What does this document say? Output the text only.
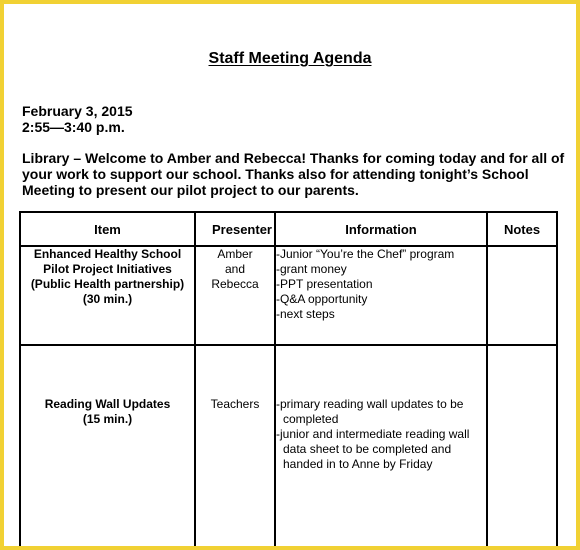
Staff Meeting Agenda
February 3, 2015
2:55—3:40 p.m.
Library – Welcome to Amber and Rebecca! Thanks for coming today and for all of
your work to support our school. Thanks also for attending tonight’s School
Meeting to present our pilot project to our parents.
Item	Presenter	Information	Notes

Enhanced Healthy School
Pilot Project Initiatives
(Public Health partnership)
(30 min.)	Amber
and
Rebecca	-Junior “You’re the Chef” program
-grant money
-PPT presentation
-Q&A opportunity
-next steps	

Reading Wall Updates
(15 min.)	Teachers	-primary reading wall updates to be
completed
-junior and intermediate reading wall
data sheet to be completed and
handed in to Anne by Friday	
